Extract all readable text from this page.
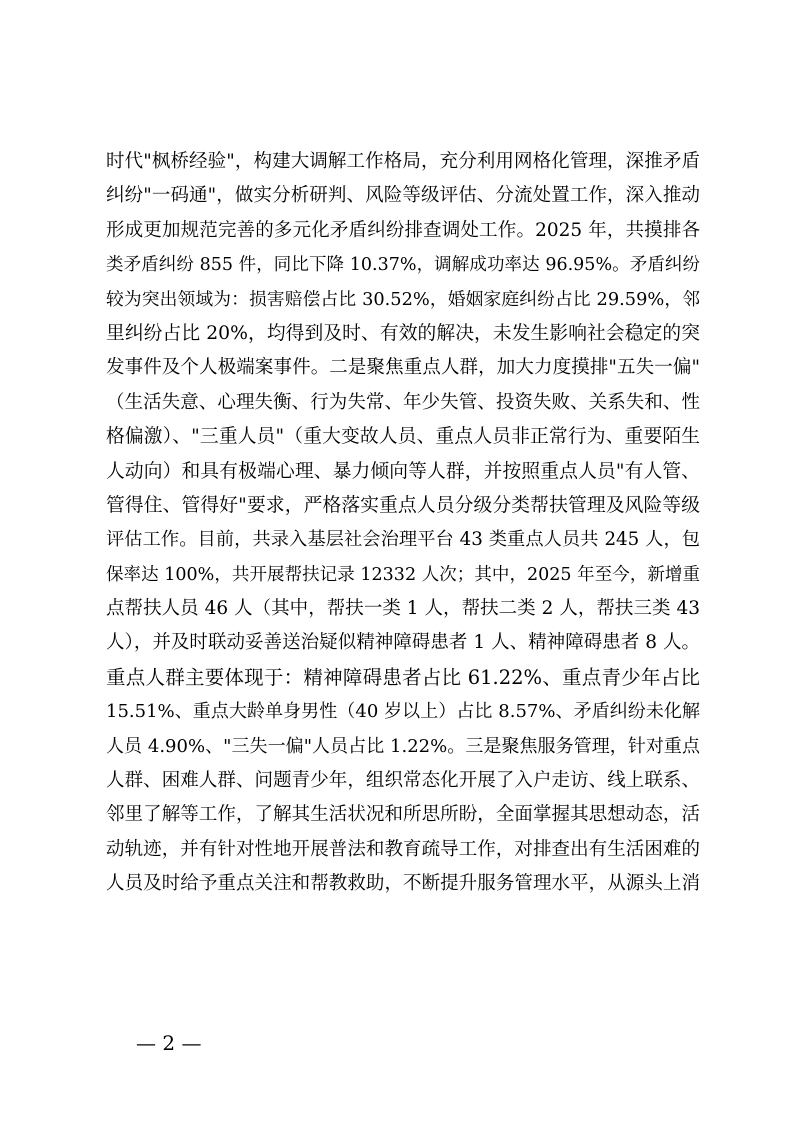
时代"枫桥经验"，构建大调解工作格局，充分利用网格化管理，深推矛盾
纠纷"一码通"，做实分析研判、风险等级评估、分流处置工作，深入推动
形成更加规范完善的多元化矛盾纠纷排查调处工作。2025 年，共摸排各
类矛盾纠纷 855 件，同比下降 10.37%，调解成功率达 96.95%。矛盾纠纷
较为突出领域为：损害赔偿占比 30.52%，婚姻家庭纠纷占比 29.59%，邻
里纠纷占比 20%，均得到及时、有效的解决，未发生影响社会稳定的突
发事件及个人极端案事件。二是聚焦重点人群，加大力度摸排"五失一偏"
（生活失意、心理失衡、行为失常、年少失管、投资失败、关系失和、性
格偏激）、"三重人员"（重大变故人员、重点人员非正常行为、重要陌生
人动向）和具有极端心理、暴力倾向等人群，并按照重点人员"有人管、
管得住、管得好"要求，严格落实重点人员分级分类帮扶管理及风险等级
评估工作。目前，共录入基层社会治理平台 43 类重点人员共 245 人，包
保率达 100%，共开展帮扶记录 12332 人次；其中，2025 年至今，新增重
点帮扶人员 46 人（其中，帮扶一类 1 人，帮扶二类 2 人，帮扶三类 43
人），并及时联动妥善送治疑似精神障碍患者 1 人、精神障碍患者 8 人。
重点人群主要体现于：精神障碍患者占比 61.22%、重点青少年占比
15.51%、重点大龄单身男性（40 岁以上）占比 8.57%、矛盾纠纷未化解
人员 4.90%、"三失一偏"人员占比 1.22%。三是聚焦服务管理，针对重点
人群、困难人群、问题青少年，组织常态化开展了入户走访、线上联系、
邻里了解等工作，了解其生活状况和所思所盼，全面掌握其思想动态，活
动轨迹，并有针对性地开展普法和教育疏导工作，对排查出有生活困难的
人员及时给予重点关注和帮教救助，不断提升服务管理水平，从源头上消
— 2 —
